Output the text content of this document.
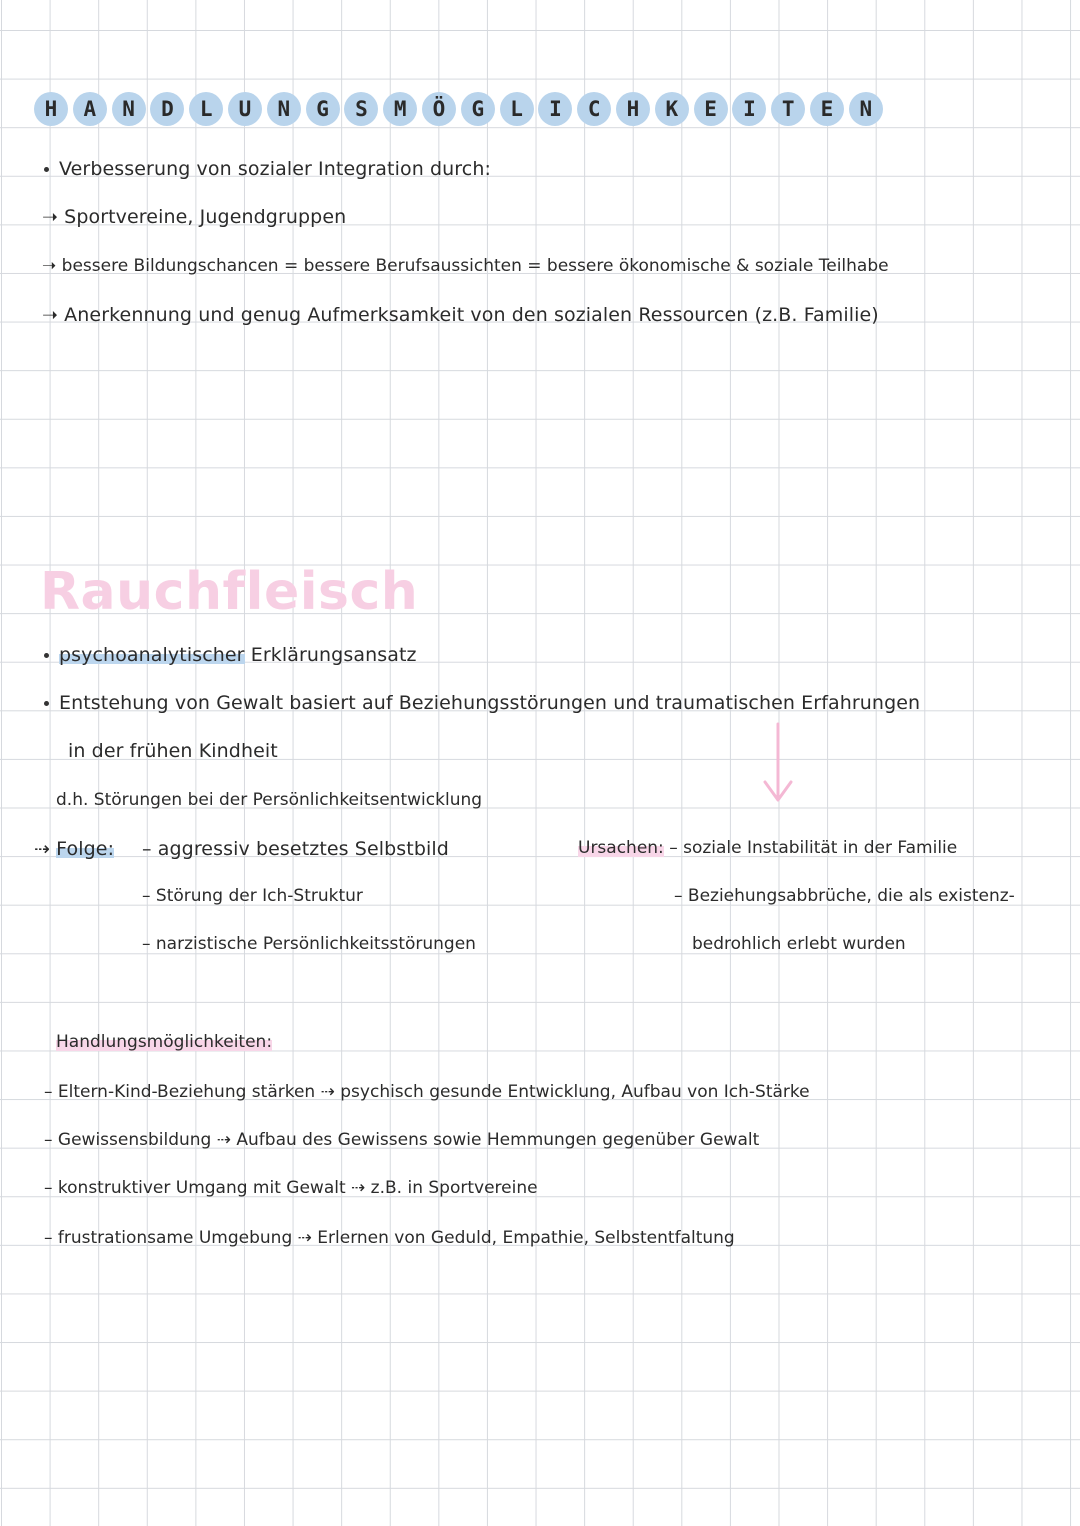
H	A	N	D	L	U	N	G	S	M	Ö	G	L	I	C	H	K	E	I	T	E	N
Verbesserung von sozialer Integration durch:
➝ Sportvereine, Jugendgruppen
➝ bessere Bildungschancen = bessere Berufsaussichten = bessere ökonomische & soziale Teilhabe
➝ Anerkennung und genug Aufmerksamkeit von den sozialen Ressourcen (z.B. Familie)
Rauchfleisch
psychoanalytischer Erklärungsansatz
Entstehung von Gewalt basiert auf Beziehungsstörungen und traumatischen Erfahrungen
in der frühen Kindheit
d.h. Störungen bei der Persönlichkeitsentwicklung
⇢ Folge: – aggressiv besetztes Selbstbild
– Störung der Ich-Struktur
– narzistische Persönlichkeitsstörungen
Ursachen: – soziale Instabilität in der Familie
– Beziehungsabbrüche, die als existenz-
bedrohlich erlebt wurden
Handlungsmöglichkeiten:
– Eltern-Kind-Beziehung stärken ⇢ psychisch gesunde Entwicklung, Aufbau von Ich-Stärke
– Gewissensbildung ⇢ Aufbau des Gewissens sowie Hemmungen gegenüber Gewalt
– konstruktiver Umgang mit Gewalt ⇢ z.B. in Sportvereine
– frustrationsame Umgebung ⇢ Erlernen von Geduld, Empathie, Selbstentfaltung
